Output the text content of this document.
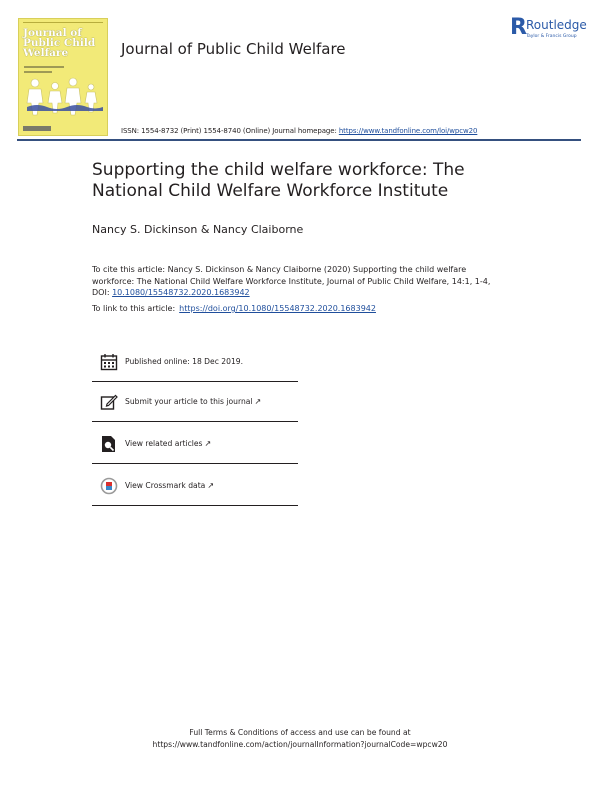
Journal of Public Child Welfare
R Routledge
Taylor & Francis Group
Journal of Public Child Welfare
ISSN: 1554-8732 (Print) 1554-8740 (Online) Journal homepage: https://www.tandfonline.com/loi/wpcw20
Supporting the child welfare workforce: The National Child Welfare Workforce Institute
Nancy S. Dickinson & Nancy Claiborne
To cite this article: Nancy S. Dickinson & Nancy Claiborne (2020) Supporting the child welfare workforce: The National Child Welfare Workforce Institute, Journal of Public Child Welfare, 14:1, 1-4, DOI: 10.1080/15548732.2020.1683942
To link to this article: https://doi.org/10.1080/15548732.2020.1683942
Published online: 18 Dec 2019.
Submit your article to this journal ↗
View related articles ↗
View Crossmark data ↗
Full Terms & Conditions of access and use can be found at
https://www.tandfonline.com/action/journalInformation?journalCode=wpcw20
